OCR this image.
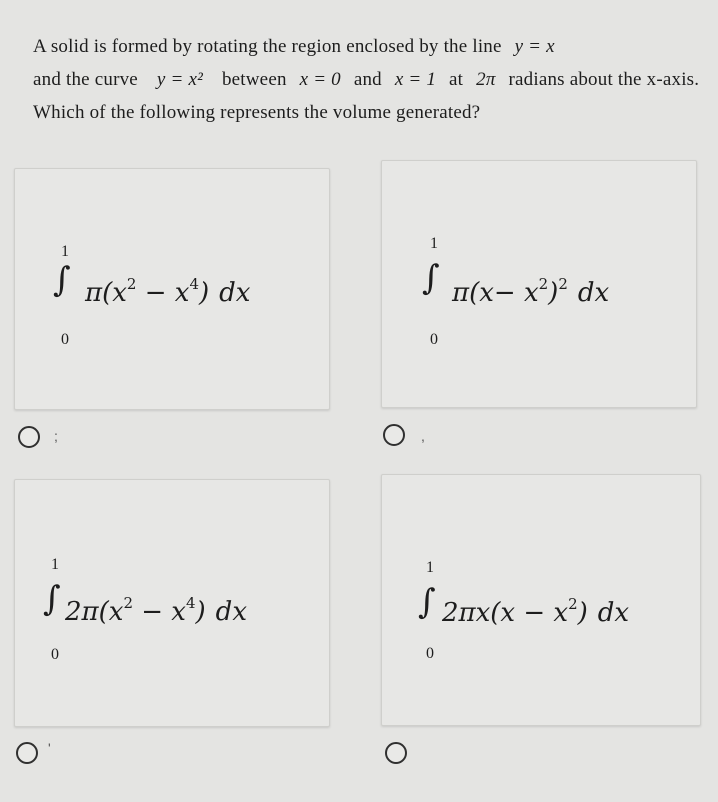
A solid is formed by rotating the region enclosed by the line y = x
and the curve y = x² between x = 0 and x = 1 at 2π radians about the x-axis.
Which of the following represents the volume generated?
1
∫
0
$\pi(x^2 - x^4)$ dx
;
1
∫
0
$\pi(x- x^2)^2$ dx
,
1
∫
0
$2\pi(x^2 - x^4)$ dx
'
1
∫
0
$2\pi x(x - x^2)$ dx
